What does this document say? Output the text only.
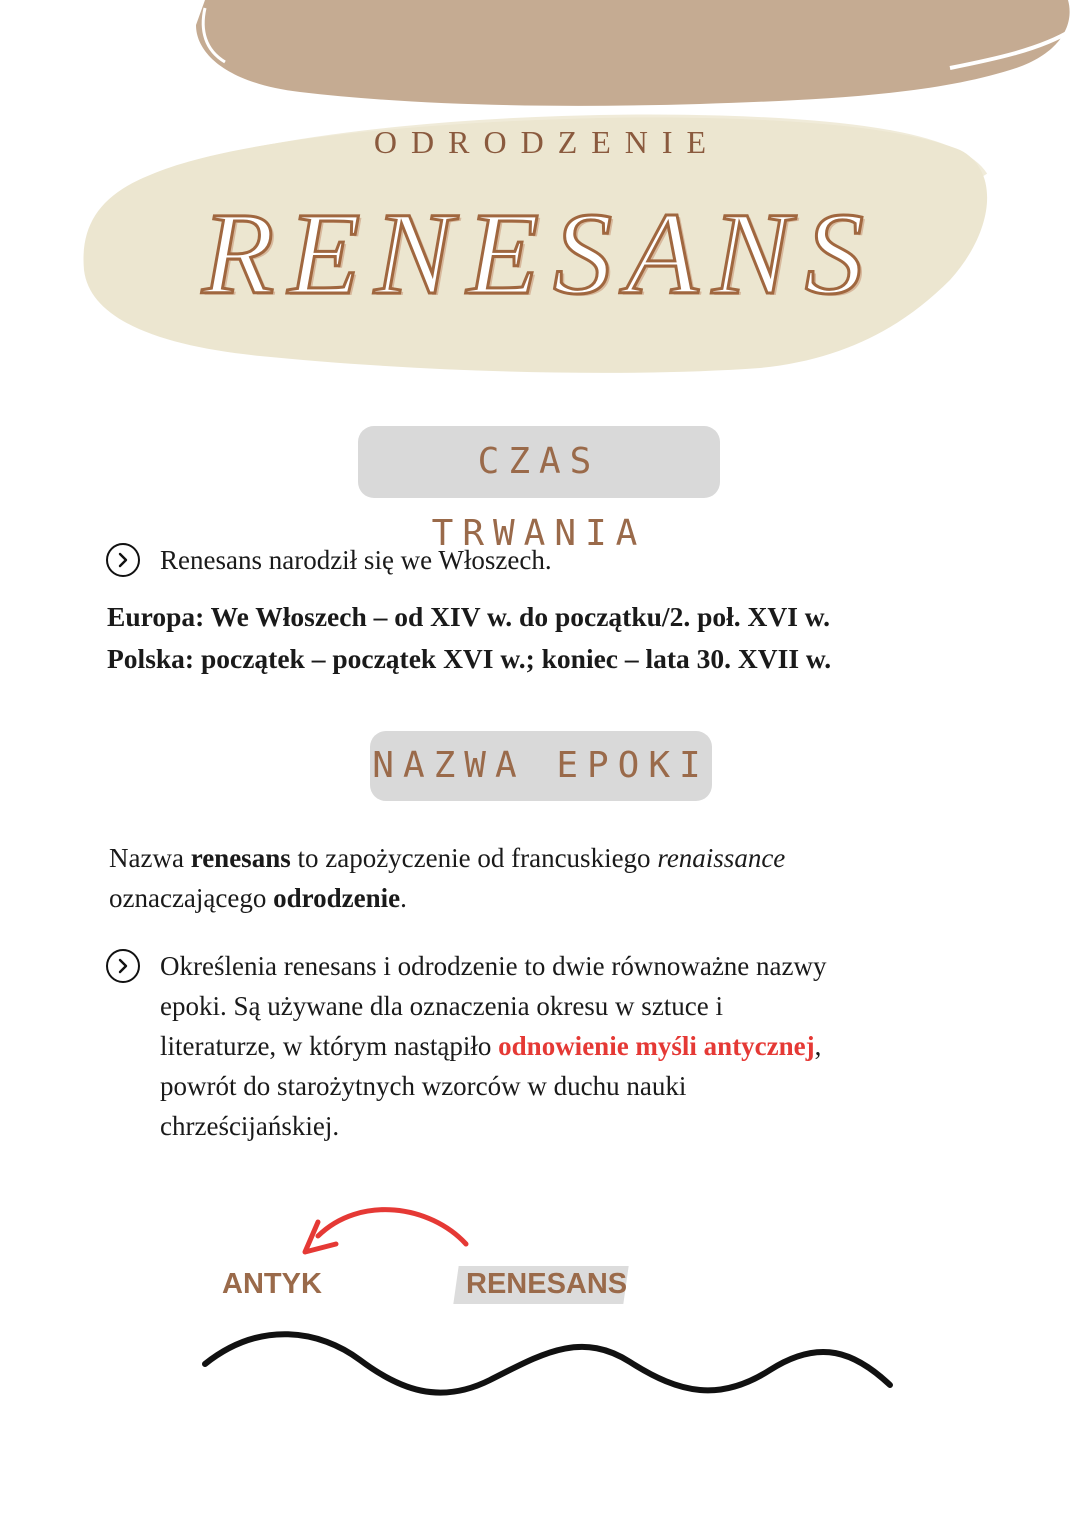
ODRODZENIE
RENESANS
CZAS TRWANIA
Renesans narodził się we Włoszech.
Europa: We Włoszech – od XIV w. do początku/2. poł. XVI w.
Polska: początek – początek XVI w.; koniec – lata 30. XVII w.
NAZWA EPOKI
Nazwa renesans to zapożyczenie od francuskiego renaissance
oznaczającego odrodzenie.
Określenia renesans i odrodzenie to dwie równoważne nazwy
epoki. Są używane dla oznaczenia okresu w sztuce i
literaturze, w którym nastąpiło odnowienie myśli antycznej,
powrót do starożytnych wzorców w duchu nauki
chrześcijańskiej.
ANTYK	RENESANS
